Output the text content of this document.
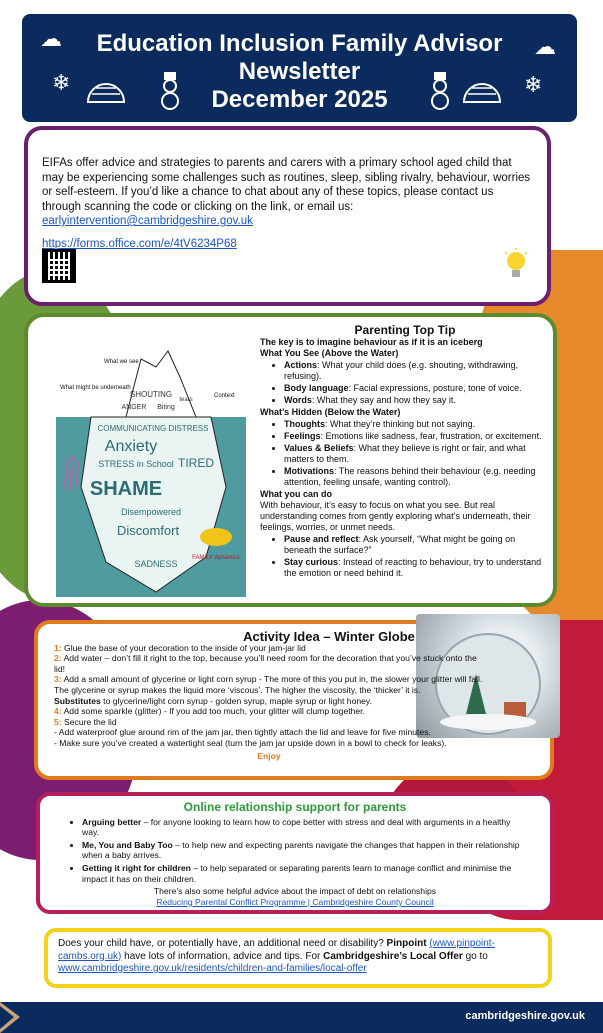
☁	☁
❄	❄
Education Inclusion Family Advisor
Newsletter
December 2025

EIFAs offer advice and strategies to parents and carers with a primary school aged child that may be experiencing some challenges such as routines, sleep, sibling rivalry, behaviour, worries or self-esteem. If you’d like a chance to chat about any of these topics, please contact us through scanning the code or clicking on the link, or email us: earlyintervention@cambridgeshire.gov.uk

https://forms.office.com/e/4tV6234P68

SHOUTING
Biting
ANGER
tears
COMMUNICATING DISTRESS
Anxiety
STRESS in School TIRED
SHAME
Disempowered
Discomfort
SADNESS
What we see
What might be underneath
Context
FAMILY dynamics
Parenting Top Tip
The key is to imagine behaviour as if it is an iceberg
What You See (Above the Water)
• Actions: What your child does (e.g. shouting, withdrawing, refusing).
• Body language: Facial expressions, posture, tone of voice.
• Words: What they say and how they say it.
What’s Hidden (Below the Water)
• Thoughts: What they’re thinking but not saying.
• Feelings: Emotions like sadness, fear, frustration, or excitement.
• Values & Beliefs: What they believe is right or fair, and what matters to them.
• Motivations: The reasons behind their behaviour (e.g. needing attention, feeling unsafe, wanting control).
What you can do
With behaviour, it’s easy to focus on what you see. But real understanding comes from gently exploring what’s underneath, their feelings, worries, or unmet needs.
• Pause and reflect: Ask yourself, “What might be going on beneath the surface?”
• Stay curious: Instead of reacting to behaviour, try to understand the emotion or need behind it.
Activity Idea – Winter Globe
1: Glue the base of your decoration to the inside of your jam-jar lid
2: Add water – don’t fill it right to the top, because you’ll need room for the decoration that you’ve stuck onto the lid!
3: Add a small amount of glycerine or light corn syrup - The more of this you put in, the slower your glitter will fall. The glycerine or syrup makes the liquid more ‘viscous’. The higher the viscosity, the ‘thicker’ it is.
Substitutes to glycerine/light corn syrup - golden syrup, maple syrup or light honey.
4: Add some sparkle (glitter) - If you add too much, your glitter will clump together.
5: Secure the lid
- Add waterproof glue around rim of the jam jar, then tightly attach the lid and leave for five minutes.
- Make sure you’ve created a watertight seal (turn the jam jar upside down in a bowl to check for leaks).
Enjoy
Online relationship support for parents
• Arguing better – for anyone looking to learn how to cope better with stress and deal with arguments in a healthy way.
• Me, You and Baby Too – to help new and expecting parents navigate the changes that happen in their relationship when a baby arrives.
• Getting it right for children – to help separated or separating parents learn to manage conflict and minimise the impact it has on their children.
There’s also some helpful advice about the impact of debt on relationships
Reducing Parental Conflict Programme | Cambridgeshire County Council
Does your child have, or potentially have, an additional need or disability? Pinpoint (www.pinpoint-cambs.org.uk) have lots of information, advice and tips. For Cambridgeshire’s Local Offer go to www.cambridgeshire.gov.uk/residents/children-and-families/local-offer
cambridgeshire.gov.uk
